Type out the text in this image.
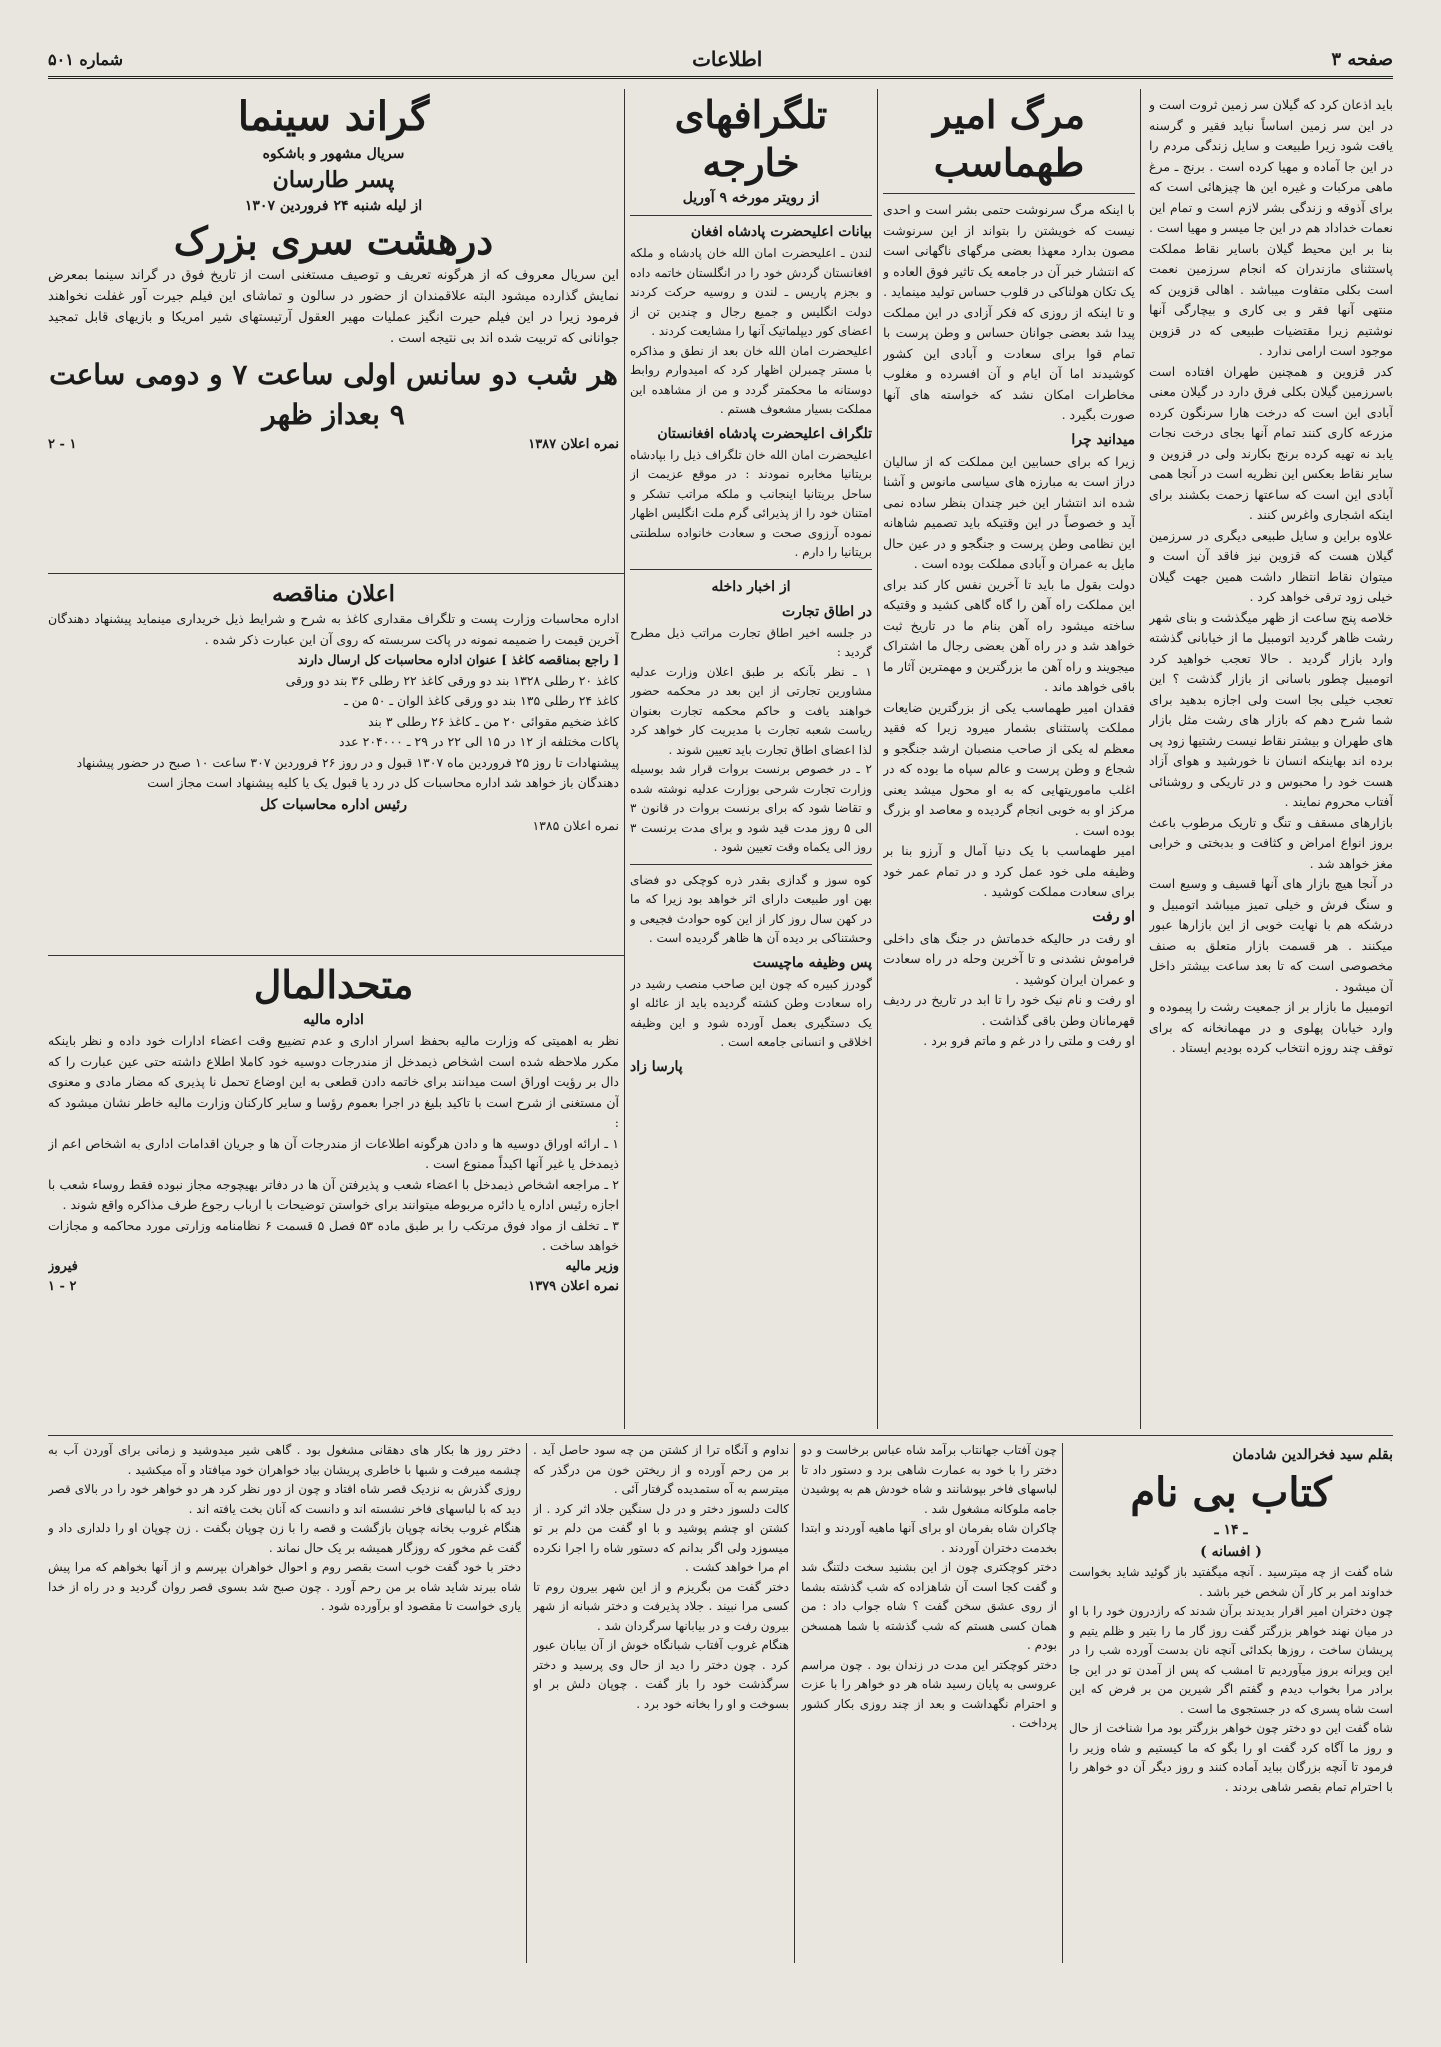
صفحه ۳
اطلاعات
شماره ۵۰۱

باید اذعان کرد که گیلان سر زمین ثروت است و در این سر زمین اساساً نباید فقیر و گرسنه یافت شود زیرا طبیعت و سایل زندگی مردم را در این جا آماده و مهیا کرده است . برنج ـ مرغ ماهی مرکبات و غیره این ها چیزهائی است که برای آذوقه و زندگی بشر لازم است و تمام این نعمات خداداد هم در این جا میسر و مهیا است . بنا بر این محیط گیلان باسایر نقاط مملکت پاستثنای مازندران که انجام سرزمین نعمت است بکلی متفاوت میباشد . اهالی قزوین که منتهی آنها فقر و بی کاری و بیچارگی آنها نوشتیم زیرا مقتضیات طبیعی که در قزوین موجود است ارامی ندارد .

کدر قزوین و همچنین طهران افتاده است باسرزمین گیلان بکلی فرق دارد در گیلان معنی آبادی این است که درخت هارا سرنگون کرده مزرعه کاری کنند تمام آنها بجای درخت نجات یابد نه تهیه کرده برنج بکارند ولی در قزوین و سایر نقاط بعکس این نظریه است در آنجا همی آبادی این است که ساعتها زحمت بکشند برای اینکه اشجاری واغرس کنند .

علاوه براین و سایل طبیعی دیگری در سرزمین گیلان هست که قزوین نیز فاقد آن است و میتوان نقاط انتظار داشت همین جهت گیلان خیلی زود ترقی خواهد کرد .

خلاصه پنج ساعت از ظهر میگذشت و بنای شهر رشت ظاهر گردید اتومبیل ما از خیابانی گذشته وارد بازار گردید . حالا تعجب خواهید کرد اتومبیل چطور باسانی از بازار گذشت ؟ این تعجب خیلی بجا است ولی اجازه بدهید برای شما شرح دهم که بازار های رشت مثل بازار های طهران و بیشتر نقاط نیست رشتیها زود پی برده اند بهاینکه انسان نا خورشید و هوای آزاد هست خود را محبوس و در تاریکی و روشنائی آفتاب محروم نمایند .

بازارهای مسقف و تنگ و تاریک مرطوب باعث بروز انواع امراض و کثافت و بدبختی و خرابی مغز خواهد شد .

در آنجا هیچ بازار های آنها قسیف و وسیع است و سنگ فرش و خیلی تمیز میباشد اتومبیل و درشکه هم با نهایت خوبی از این بازارها عبور میکنند . هر قسمت بازار متعلق به صنف مخصوصی است که تا بعد ساعت بیشتر داخل آن میشود .

اتومبیل ما بازار بر از جمعیت رشت را پیموده و وارد خیابان پهلوی و در مهمانخانه که برای توقف چند روزه انتخاب کرده بودیم ایستاد .

مرگ امیر طهماسب

با اینکه مرگ سرنوشت حتمی بشر است و احدی نیست که خویشتن را بتواند از این سرنوشت مصون بدارد معهذا بعضی مرگهای ناگهانی است که انتشار خبر آن در جامعه یک تاثیر فوق العاده و یک تکان هولناکی در قلوب حساس تولید مینماید .

و تا اینکه از روزی که فکر آزادی در این مملکت پیدا شد بعضی جوانان حساس و وطن پرست با تمام قوا برای سعادت و آبادی این کشور کوشیدند اما آن ایام و آن افسرده و مغلوب مخاطرات امکان نشد که خواسته های آنها صورت بگیرد .

میدانید چرا

زیرا که برای حسابین این مملکت که از سالیان دراز است به مبارزه های سیاسی مانوس و آشنا شده اند انتشار این خبر چندان بنظر ساده نمی آید و خصوصاً در این وقتیکه باید تصمیم شاهانه این نظامی وطن پرست و جنگجو و در عین حال مایل به عمران و آبادی مملکت بوده است .

دولت بقول ما باید تا آخرین نفس کار کند برای این مملکت راه آهن را گاه گاهی کشید و وقتیکه ساخته میشود راه آهن بنام ما در تاریخ ثبت خواهد شد و در راه آهن بعضی رجال ما اشتراک میجویند و راه آهن ما بزرگترین و مهمترین آثار ما باقی خواهد ماند .

فقدان امیر طهماسب یکی از بزرگترین ضایعات مملکت پاستثنای بشمار میرود زیرا که فقید معظم له یکی از صاحب منصبان ارشد جنگجو و شجاع و وطن پرست و عالم سپاه ما بوده که در اغلب ماموریتهایی که به او محول میشد یعنی مرکز او به خوبی انجام گردیده و معاصد او بزرگ بوده است .

امیر طهماسب با یک دنیا آمال و آرزو بنا بر وظیفه ملی خود عمل کرد و در تمام عمر خود برای سعادت مملکت کوشید .

او رفت

او رفت در حالیکه خدماتش در جنگ های داخلی فراموش نشدنی و تا آخرین وحله در راه سعادت و عمران ایران کوشید .

او رفت و نام نیک خود را تا ابد در تاریخ در ردیف قهرمانان وطن باقی گذاشت .

او رفت و ملتی را در غم و ماتم فرو برد .

تلگرافهای خارجه

از رویتر مورخه ۹ آوریل

بیانات اعلیحضرت پادشاه افغان

لندن ـ اعلیحضرت امان الله خان پادشاه و ملکه افغانستان گردش خود را در انگلستان خاتمه داده و بجزم پاریس ـ لندن و روسیه حرکت کردند دولت انگلیس و جمیع رجال و چندین تن از اعضای کور دیپلماتیک آنها را مشایعت کردند .

اعلیحضرت امان الله خان بعد از نطق و مذاکره با مستر چمبرلن اظهار کرد که امیدوارم روابط دوستانه ما محکمتر گردد و من از مشاهده این مملکت بسیار مشعوف هستم .

تلگراف اعلیحضرت پادشاه افغانستان

اعلیحضرت امان الله خان تلگراف ذیل را بپادشاه بریتانیا مخابره نمودند : در موقع عزیمت از ساحل بریتانیا اینجانب و ملکه مراتب تشکر و امتنان خود را از پذیرائی گرم ملت انگلیس اظهار نموده آرزوی صحت و سعادت خانواده سلطنتی بریتانیا را دارم .

از اخبار داخله

در اطاق تجارت

در جلسه اخیر اطاق تجارت مراتب ذیل مطرح گردید :

۱ ـ نظر بآنکه بر طبق اعلان وزارت عدلیه مشاورین تجارتی از این بعد در محکمه حضور خواهند یافت و حاکم محکمه تجارت بعنوان ریاست شعبه تجارت با مدیریت کار خواهد کرد لذا اعضای اطاق تجارت باید تعیین شوند .

۲ ـ در خصوص برنست بروات قرار شد بوسیله وزارت تجارت شرحی بوزارت عدلیه نوشته شده و تقاضا شود که برای برنست بروات در قانون ۳ الی ۵ روز مدت قید شود و برای مدت برنست ۳ روز الی یکماه وقت تعیین شود .

کوه سوز و گدازی بقدر ذره کوچکی دو فضای بهن اور طبیعت دارای اثر خواهد بود زیرا که ما در کهن سال روز کار از این کوه حوادث فجیعی و وحشتناکی بر دیده آن ها ظاهر گردیده است .

پس وظیفه ماچیست

گودرز کبیره که چون این صاحب منصب رشید در راه سعادت وطن کشته گردیده باید از عائله او یک دستگیری بعمل آورده شود و این وظیفه اخلاقی و انسانی جامعه است .

پارسا زاد

گراند سینما

سریال مشهور و باشکوه

پسر طارسان

از لیله شنبه ۲۴ فروردین ۱۳۰۷

درهشت سری بزرک

این سریال معروف که از هرگونه تعریف و توصیف مستغنی است از تاریخ فوق در گراند سینما بمعرض نمایش گذارده میشود البته علاقمندان از حضور در سالون و تماشای این فیلم جیرت آور غفلت نخواهند فرمود زیرا در این فیلم حیرت انگیز عملیات مهیر العقول آرتیستهای شیر امریکا و بازیهای قابل تمجید جوانانی که تربیت شده اند بی نتیجه است .

هر شب دو سانس اولی ساعت ۷ و دومی ساعت ۹ بعداز ظهر

نمره اعلان ۱۳۸۷
۱ - ۲

اعلان مناقصه

اداره محاسبات وزارت پست و تلگراف مقداری کاغذ به شرح و شرایط ذیل خریداری مینماید پیشنهاد دهندگان آخرین قیمت را ضمیمه نمونه در پاکت سربسته که روی آن این عبارت ذکر شده .

[ راجع بمناقصه کاغذ ] عنوان اداره محاسبات کل ارسال دارند

کاغذ ۲۰ رطلی ۱۳۲۸ بند دو ورقی کاغذ ۲۲ رطلی ۳۶ بند دو ورقی
کاغذ ۲۴ رطلی ۱۳۵ بند دو ورقی کاغذ الوان ـ ۵۰ من ـ
کاغذ ضخیم مقوائی ۲۰ من ـ کاغذ ۲۶ رطلی ۳ بند
پاکات مختلفه از ۱۲ در ۱۵ الی ۲۲ در ۲۹ ـ ۲۰۴۰۰۰ عدد
پیشنهادات تا روز ۲۵ فروردین ماه ۱۳۰۷ قبول و در روز ۲۶ فروردین ۳۰۷ ساعت ۱۰ صبح در حضور پیشنهاد دهندگان باز خواهد شد اداره محاسبات کل در رد یا قبول یک یا کلیه پیشنهاد است مجاز است

رئیس اداره محاسبات کل

نمره اعلان ۱۳۸۵

متحدالمال

اداره مالیه

نظر به اهمیتی که وزارت مالیه بحفظ اسرار اداری و عدم تضییع وقت اعضاء ادارات خود داده و نظر باینکه مکرر ملاحظه شده است اشخاص ذیمدخل از مندرجات دوسیه خود کاملا اطلاع داشته حتی عین عبارت را که دال بر رؤیت اوراق است میدانند برای خاتمه دادن قطعی به این اوضاع تحمل نا پذیری که مضار مادی و معنوی آن مستغنی از شرح است با تاکید بلیغ در اجرا بعموم رؤسا و سایر کارکنان وزارت مالیه خاطر نشان میشود که :

۱ ـ ارائه اوراق دوسیه ها و دادن هرگونه اطلاعات از مندرجات آن ها و جریان اقدامات اداری به اشخاص اعم از ذیمدخل یا غیر آنها اکیداً ممنوع است .

۲ ـ مراجعه اشخاص ذیمدخل با اعضاء شعب و پذیرفتن آن ها در دفاتر بهیچوجه مجاز نبوده فقط روساء شعب با اجازه رئیس اداره یا دائره مربوطه میتوانند برای خواستن توضیحات با ارباب رجوع طرف مذاکره واقع شوند .

۳ ـ تخلف از مواد فوق مرتکب را بر طبق ماده ۵۳ فصل ۵ قسمت ۶ نظامنامه وزارتی مورد محاکمه و مجازات خواهد ساخت .

وزیر مالیه
فیروز
نمره اعلان ۱۳۷۹
۲ - ۱

بقلم سید فخرالدین شادمان

کتاب بی نام

ـ ۱۴ ـ

( افسانه )

شاه گفت از چه میترسید . آنچه میگفتید باز گوئید شاید بخواست خداوند امر بر کار آن شخص خیر باشد .

چون دختران امیر اقرار بدیدند برآن شدند که رازدرون خود را با او در میان نهند خواهر بزرگتر گفت روز گار ما را بتیر و ظلم یتیم و پریشان ساخت ، روزها بکدائی آنچه نان بدست آورده شب را در این ویرانه بروز میآوردیم تا امشب که پس از آمدن تو در این جا برادر مرا بخواب دیدم و گفتم اگر شیرین من بر فرض که این است شاه پسری که در جستجوی ما است .

شاه گفت این دو دختر چون خواهر بزرگتر بود مرا شناخت از حال و روز ما آگاه کرد گفت او را بگو که ما کیستیم و شاه وزیر را فرمود تا آنچه بزرگان بباید آماده کنند و روز دیگر آن دو خواهر را با احترام تمام بقصر شاهی بردند .

چون آفتاب جهانتاب برآمد شاه عباس برخاست و دو دختر را با خود به عمارت شاهی برد و دستور داد تا لباسهای فاخر بپوشانند و شاه خودش هم به پوشیدن جامه ملوکانه مشغول شد .

چاکران شاه بفرمان او برای آنها ماهیه آوردند و ابتدا بخدمت دختران آوردند .

دختر کوچکتری چون از این بشنید سخت دلتنگ شد و گفت کجا است آن شاهزاده که شب گذشته بشما از روی عشق سخن گفت ؟ شاه جواب داد : من همان کسی هستم که شب گذشته با شما همسخن بودم .

دختر کوچکتر این مدت در زندان بود . چون مراسم عروسی به پایان رسید شاه هر دو خواهر را با عزت و احترام نگهداشت و بعد از چند روزی بکار کشور پرداخت .

نداوم و آنگاه ترا از کشتن من چه سود حاصل آید . بر من رحم آورده و از ریختن خون من درگذر که میترسم به آه ستمدیده گرفتار آئی .

کالت دلسوز دختر و در دل سنگین جلاد اثر کرد . از کشتن او چشم پوشید و با او گفت من دلم بر تو میسوزد ولی اگر بدانم که دستور شاه را اجرا نکرده ام مرا خواهد کشت .

دختر گفت من بگریزم و از این شهر بیرون روم تا کسی مرا نبیند . جلاد پذیرفت و دختر شبانه از شهر بیرون رفت و در بیابانها سرگردان شد .

هنگام غروب آفتاب شبانگاه خوش از آن بیابان عبور کرد . چون دختر را دید از حال وی پرسید و دختر سرگذشت خود را باز گفت . چوپان دلش بر او بسوخت و او را بخانه خود برد .

دختر روز ها بکار های دهقانی مشغول بود . گاهی شیر میدوشید و زمانی برای آوردن آب به چشمه میرفت و شبها با خاطری پریشان بیاد خواهران خود میافتاد و آه میکشید .

روزی گذرش به نزدیک قصر شاه افتاد و چون از دور نظر کرد هر دو خواهر خود را در بالای قصر دید که با لباسهای فاخر نشسته اند و دانست که آنان بخت یافته اند .

هنگام غروب بخانه چوپان بازگشت و قصه را با زن چوپان بگفت . زن چوپان او را دلداری داد و گفت غم مخور که روزگار همیشه بر یک حال نماند .

دختر با خود گفت خوب است بقصر روم و احوال خواهران بپرسم و از آنها بخواهم که مرا پیش شاه ببرند شاید شاه بر من رحم آورد . چون صبح شد بسوی قصر روان گردید و در راه از خدا یاری خواست تا مقصود او برآورده شود .
